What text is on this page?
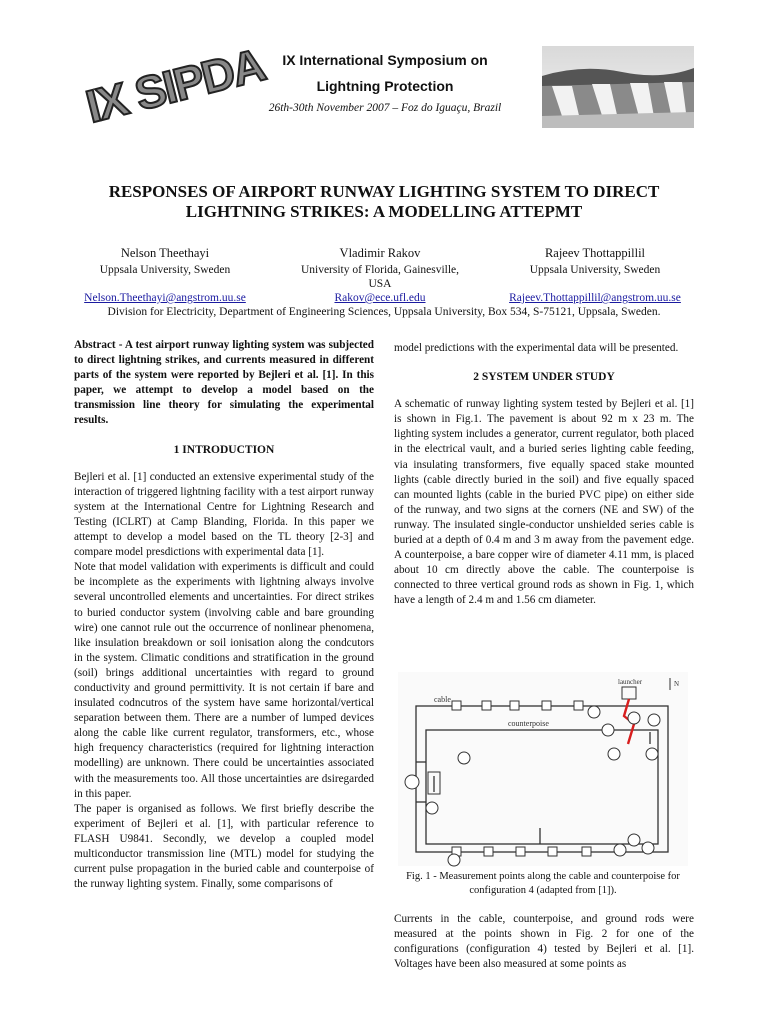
IX SIPDA IX International Symposium on
Lightning Protection
26th-30th November 2007 – Foz do Iguaçu, Brazil
RESPONSES OF AIRPORT RUNWAY LIGHTING SYSTEM TO DIRECT
LIGHTNING STRIKES: A MODELLING ATTEPMT
Nelson Theethayi
Uppsala University, Sweden
Nelson.Theethayi@angstrom.uu.se
Vladimir Rakov
University of Florida, Gainesville,
USA
Rakov@ece.ufl.edu
Rajeev Thottappillil
Uppsala University, Sweden
Rajeev.Thottappillil@angstrom.uu.se
Division for Electricity, Department of Engineering Sciences, Uppsala University, Box 534, S-75121, Uppsala, Sweden.

Abstract - A test airport runway lighting system was subjected to direct lightning strikes, and currents measured in different parts of the system were reported by Bejleri et al. [1]. In this paper, we attempt to develop a model based on the transmission line theory for simulating the experimental results.

1 INTRODUCTION

Bejleri et al. [1] conducted an extensive experimental study of the interaction of triggered lightning facility with a test airport runway system at the International Centre for Lightning Research and Testing (ICLRT) at Camp Blanding, Florida. In this paper we attempt to develop a model based on the TL theory [2-3] and compare model presdictions with experimental data [1].

Note that model validation with experiments is difficult and could be incomplete as the experiments with lightning always involve several uncontrolled elements and uncertainties. For direct strikes to buried conductor system (involving cable and bare grounding wire) one cannot rule out the occurrence of nonlinear phenomena, like insulation breakdown or soil ionisation along the condcutors in the system. Climatic conditions and stratification in the ground (soil) brings additional uncertainties with regard to ground conductivity and ground permittivity. It is not certain if bare and insulated codncutros of the system have same horizontal/vertical separation between them. There are a number of lumped devices along the cable like current regulator, transformers, etc., whose high frequency characteristics (required for lightning interaction modelling) are unknown. There could be uncertainties associated with the measurements too. All those uncertainties are dsiregarded in this paper.

The paper is organised as follows. We first briefly describe the experiment of Bejleri et al. [1], with particular reference to FLASH U9841. Secondly, we develop a coupled model multiconductor transmission line (MTL) model for studying the current pulse propagation in the buried cable and counterpoise of the runway lighting system. Finally, some comparisons of

model predictions with the experimental data will be presented.

2 SYSTEM UNDER STUDY

A schematic of runway lighting system tested by Bejleri et al. [1] is shown in Fig.1. The pavement is about 92 m x 23 m. The lighting system includes a generator, current regulator, both placed in the electrical vault, and a buried series lighting cable feeding, via insulating transformers, five equally spaced stake mounted lights (cable directly buried in the soil) and five equally spaced can mounted lights (cable in the buried PVC pipe) on either side of the runway, and two signs at the corners (NE and SW) of the runway. The insulated single-conductor unshielded series cable is buried at a depth of 0.4 m and 3 m away from the pavement edge. A counterpoise, a bare copper wire of diameter 4.11 mm, is placed about 10 cm directly above the cable. The counterpoise is connected to three vertical ground rods as shown in Fig. 1, which have a length of 2.4 m and 1.56 cm diameter.

cable
counterpoise
launcher	N
Fig. 1 - Measurement points along the cable and counterpoise for configuration 4 (adapted from [1]).

Currents in the cable, counterpoise, and ground rods were measured at the points shown in Fig. 2 for one of the configurations (configuration 4) tested by Bejleri et al. [1]. Voltages have been also measured at some points as
